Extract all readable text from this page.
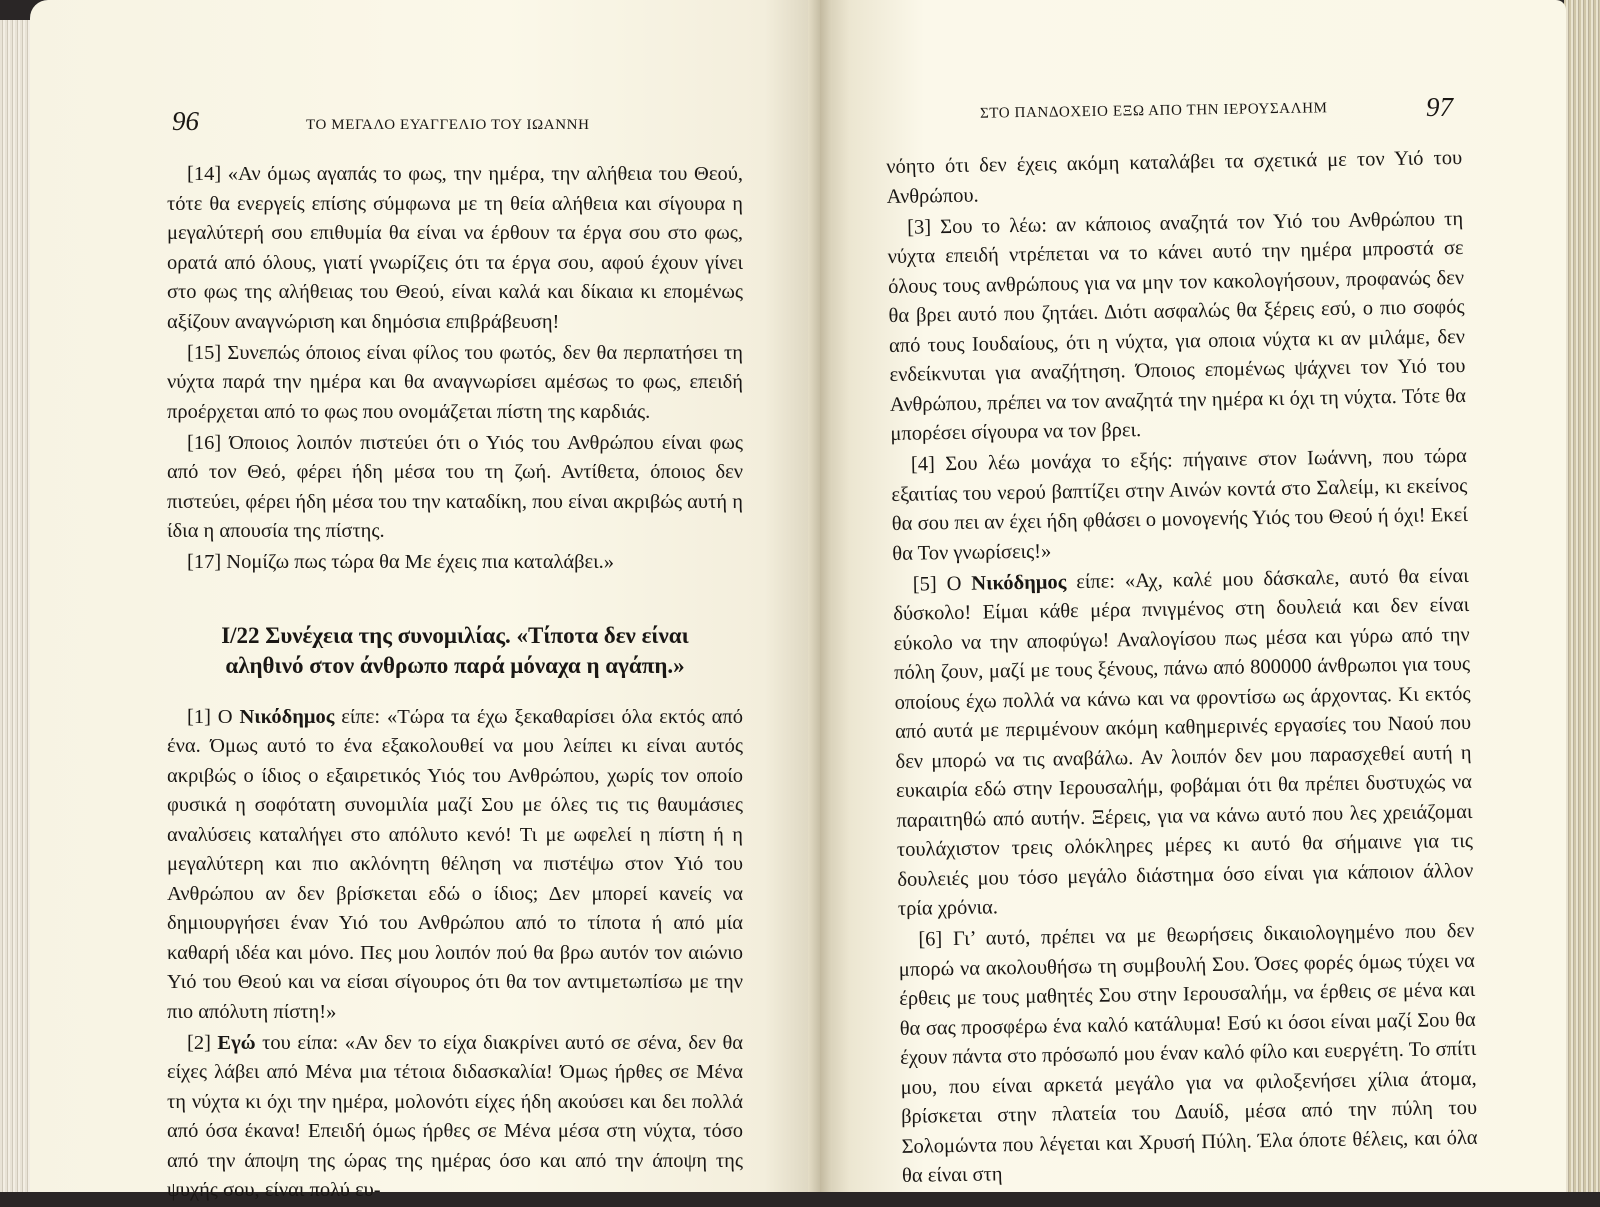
96	ΤΟ ΜΕΓΑΛΟ ΕΥΑΓΓΕΛΙΟ ΤΟΥ ΙΩΑΝΝΗ

[14] «Αν όμως αγαπάς το φως, την ημέρα, την αλήθεια του Θεού, τότε θα ενεργείς επίσης σύμφωνα με τη θεία αλήθεια και σίγουρα η μεγαλύτερή σου επιθυμία θα είναι να έρθουν τα έργα σου στο φως, ορατά από όλους, γιατί γνωρίζεις ότι τα έργα σου, αφού έχουν γίνει στο φως της αλήθειας του Θεού, είναι καλά και δίκαια κι επομένως αξίζουν αναγνώριση και δημόσια επιβράβευση!

[15] Συνεπώς όποιος είναι φίλος του φωτός, δεν θα περπατήσει τη νύχτα παρά την ημέρα και θα αναγνωρίσει αμέσως το φως, επειδή προέρχεται από το φως που ονομάζεται πίστη της καρδιάς.

[16] Όποιος λοιπόν πιστεύει ότι ο Υιός του Ανθρώπου είναι φως από τον Θεό, φέρει ήδη μέσα του τη ζωή. Αντίθετα, όποιος δεν πιστεύει, φέρει ήδη μέσα του την καταδίκη, που είναι ακριβώς αυτή η ίδια η απουσία της πίστης.

[17] Νομίζω πως τώρα θα Με έχεις πια καταλάβει.»

I/22 Συνέχεια της συνομιλίας. «Τίποτα δεν είναι
αληθινό στον άνθρωπο παρά μόναχα η αγάπη.»

[1] Ο Νικόδημος είπε: «Τώρα τα έχω ξεκαθαρίσει όλα εκτός από ένα. Όμως αυτό το ένα εξακολουθεί να μου λείπει κι είναι αυτός ακριβώς ο ίδιος ο εξαιρετικός Υιός του Ανθρώπου, χωρίς τον οποίο φυσικά η σοφότατη συνομιλία μαζί Σου με όλες τις τις θαυμάσιες αναλύσεις καταλήγει στο απόλυτο κενό! Τι με ωφελεί η πίστη ή η μεγαλύτερη και πιο ακλόνητη θέληση να πιστέψω στον Υιό του Ανθρώπου αν δεν βρίσκεται εδώ ο ίδιος; Δεν μπορεί κανείς να δημιουργήσει έναν Υιό του Ανθρώπου από το τίποτα ή από μία καθαρή ιδέα και μόνο. Πες μου λοιπόν πού θα βρω αυτόν τον αιώνιο Υιό του Θεού και να είσαι σίγουρος ότι θα τον αντιμετωπίσω με την πιο απόλυτη πίστη!»

[2] Εγώ του είπα: «Αν δεν το είχα διακρίνει αυτό σε σένα, δεν θα είχες λάβει από Μένα μια τέτοια διδασκαλία! Όμως ήρθες σε Μένα τη νύχτα κι όχι την ημέρα, μολονότι είχες ήδη ακούσει και δει πολλά από όσα έκανα! Επειδή όμως ήρθες σε Μένα μέσα στη νύχτα, τόσο από την άποψη της ώρας της ημέρας όσο και από την άποψη της ψυχής σου, είναι πολύ ευ-

ΣΤΟ ΠΑΝΔΟΧΕΙΟ ΕΞΩ ΑΠΟ ΤΗΝ ΙΕΡΟΥΣΑΛΗΜ	97

νόητο ότι δεν έχεις ακόμη καταλάβει τα σχετικά με τον Υιό του Ανθρώπου.

[3] Σου το λέω: αν κάποιος αναζητά τον Υιό του Ανθρώπου τη νύχτα επειδή ντρέπεται να το κάνει αυτό την ημέρα μπροστά σε όλους τους ανθρώπους για να μην τον κακολογήσουν, προφανώς δεν θα βρει αυτό που ζητάει. Διότι ασφαλώς θα ξέρεις εσύ, ο πιο σοφός από τους Ιουδαίους, ότι η νύχτα, για οποια νύχτα κι αν μιλάμε, δεν ενδείκνυται για αναζήτηση. Όποιος επομένως ψάχνει τον Υιό του Ανθρώπου, πρέπει να τον αναζητά την ημέρα κι όχι τη νύχτα. Τότε θα μπορέσει σίγουρα να τον βρει.

[4] Σου λέω μονάχα το εξής: πήγαινε στον Ιωάννη, που τώρα εξαιτίας του νερού βαπτίζει στην Αινών κοντά στο Σαλείμ, κι εκείνος θα σου πει αν έχει ήδη φθάσει ο μονογενής Υιός του Θεού ή όχι! Εκεί θα Τον γνωρίσεις!»

[5] Ο Νικόδημος είπε: «Αχ, καλέ μου δάσκαλε, αυτό θα είναι δύσκολο! Είμαι κάθε μέρα πνιγμένος στη δουλειά και δεν είναι εύκολο να την αποφύγω! Αναλογίσου πως μέσα και γύρω από την πόλη ζουν, μαζί με τους ξένους, πάνω από 800000 άνθρωποι για τους οποίους έχω πολλά να κάνω και να φροντίσω ως άρχοντας. Κι εκτός από αυτά με περιμένουν ακόμη καθημερινές εργασίες του Ναού που δεν μπορώ να τις αναβάλω. Αν λοιπόν δεν μου παρασχεθεί αυτή η ευκαιρία εδώ στην Ιερουσαλήμ, φοβάμαι ότι θα πρέπει δυστυχώς να παραιτηθώ από αυτήν. Ξέρεις, για να κάνω αυτό που λες χρειάζομαι τουλάχιστον τρεις ολόκληρες μέρες κι αυτό θα σήμαινε για τις δουλειές μου τόσο μεγάλο διάστημα όσο είναι για κάποιον άλλον τρία χρόνια.

[6] Γι’ αυτό, πρέπει να με θεωρήσεις δικαιολογημένο που δεν μπορώ να ακολουθήσω τη συμβουλή Σου. Όσες φορές όμως τύχει να έρθεις με τους μαθητές Σου στην Ιερουσαλήμ, να έρθεις σε μένα και θα σας προσφέρω ένα καλό κατάλυμα! Εσύ κι όσοι είναι μαζί Σου θα έχουν πάντα στο πρόσωπό μου έναν καλό φίλο και ευεργέτη. Το σπίτι μου, που είναι αρκετά μεγάλο για να φιλοξενήσει χίλια άτομα, βρίσκεται στην πλατεία του Δαυίδ, μέσα από την πύλη του Σολομώντα που λέγεται και Χρυσή Πύλη. Έλα όποτε θέλεις, και όλα θα είναι στη
